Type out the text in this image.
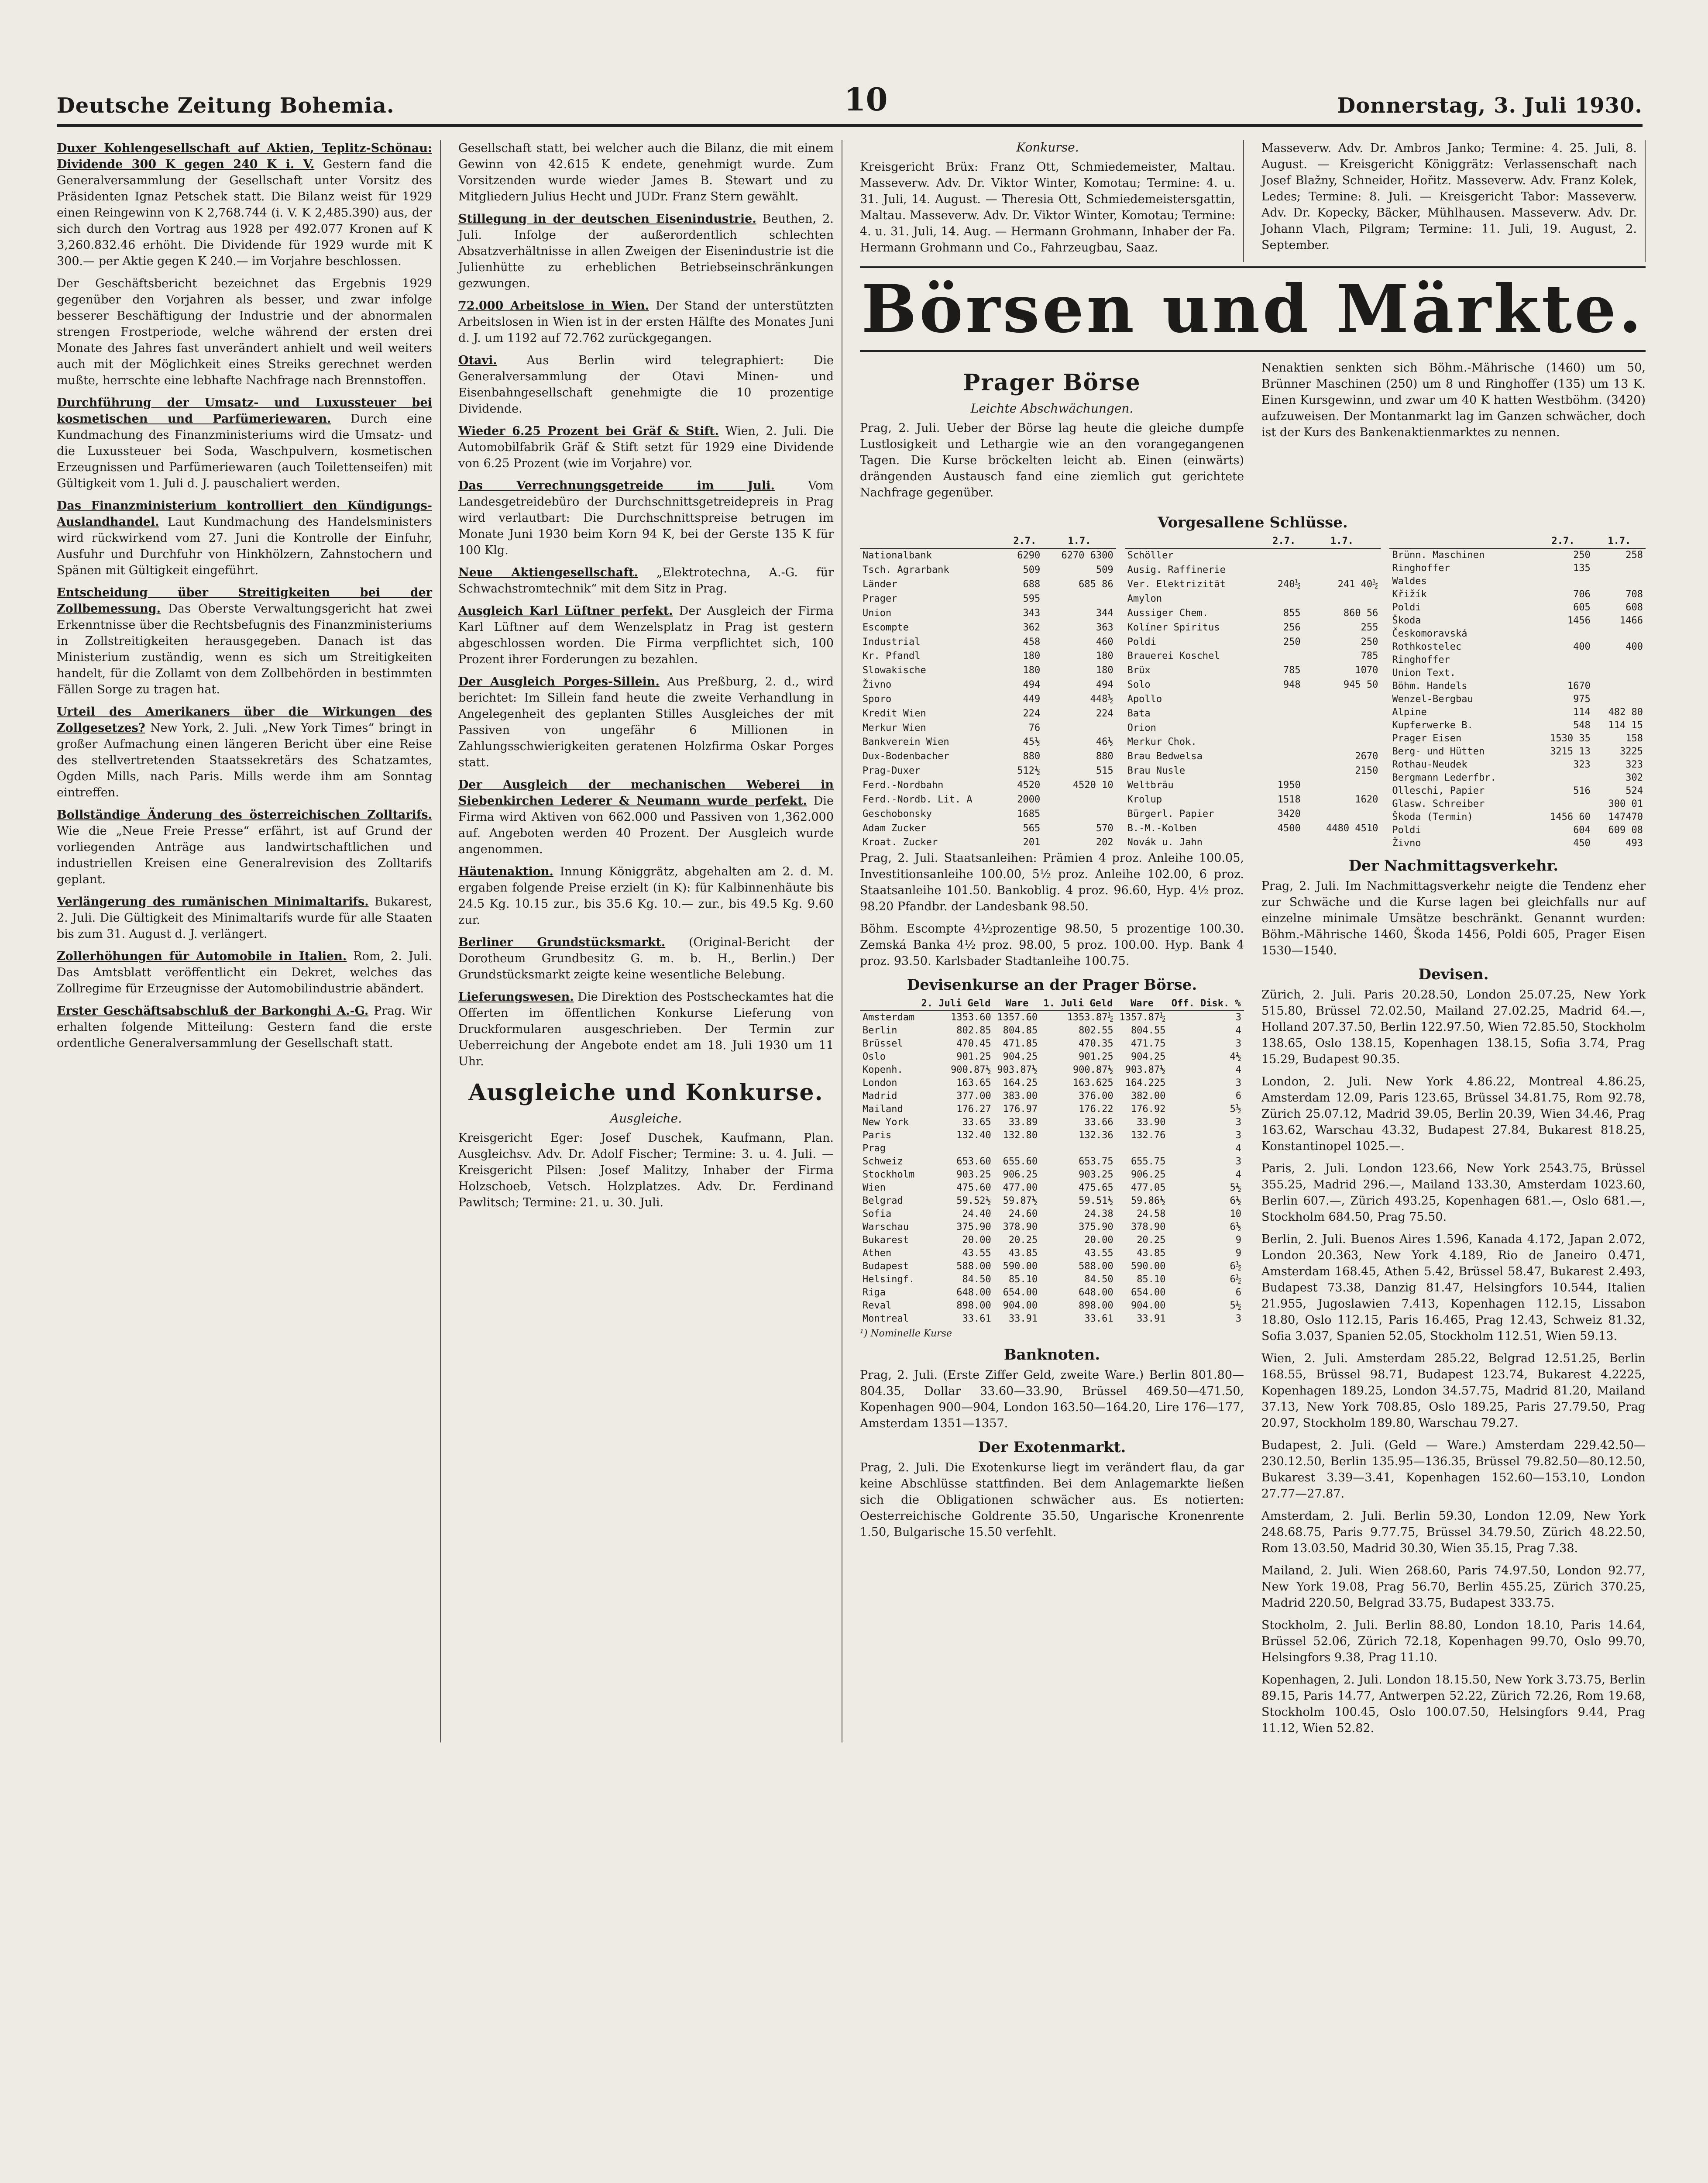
Deutsche Zeitung Bohemia.	10	Donnerstag, 3. Juli 1930.

Duxer Kohlengesellschaft auf Aktien, Teplitz-Schönau: Dividende 300 K gegen 240 K i. V. Gestern fand die Generalversammlung der Gesellschaft unter Vorsitz des Präsidenten Ignaz Petschek statt. Die Bilanz weist für 1929 einen Reingewinn von K 2,768.744 (i. V. K 2,485.390) aus, der sich durch den Vortrag aus 1928 per 492.077 Kronen auf K 3,260.832.46 erhöht. Die Dividende für 1929 wurde mit K 300.— per Aktie gegen K 240.— im Vorjahre beschlossen.

Der Geschäftsbericht bezeichnet das Ergebnis 1929 gegenüber den Vorjahren als besser, und zwar infolge besserer Beschäftigung der Industrie und der abnormalen strengen Frostperiode, welche während der ersten drei Monate des Jahres fast unverändert anhielt und weil weiters auch mit der Möglichkeit eines Streiks gerechnet werden mußte, herrschte eine lebhafte Nachfrage nach Brennstoffen.

Durchführung der Umsatz- und Luxussteuer bei kosmetischen und Parfümeriewaren. Durch eine Kundmachung des Finanzministeriums wird die Umsatz- und die Luxussteuer bei Soda, Waschpulvern, kosmetischen Erzeugnissen und Parfümeriewaren (auch Toilettenseifen) mit Gültigkeit vom 1. Juli d. J. pauschaliert werden.

Das Finanzministerium kontrolliert den Kündigungs-Auslandhandel. Laut Kundmachung des Handelsministers wird rückwirkend vom 27. Juni die Kontrolle der Einfuhr, Ausfuhr und Durchfuhr von Hinkhölzern, Zahnstochern und Spänen mit Gültigkeit eingeführt.

Entscheidung über Streitigkeiten bei der Zollbemessung. Das Oberste Verwaltungsgericht hat zwei Erkenntnisse über die Rechtsbefugnis des Finanzministeriums in Zollstreitigkeiten herausgegeben. Danach ist das Ministerium zuständig, wenn es sich um Streitigkeiten handelt, für die Zollamt von dem Zollbehörden in bestimmten Fällen Sorge zu tragen hat.

Urteil des Amerikaners über die Wirkungen des Zollgesetzes? New York, 2. Juli. „New York Times“ bringt in großer Aufmachung einen längeren Bericht über eine Reise des stellvertretenden Staatssekretärs des Schatzamtes, Ogden Mills, nach Paris. Mills werde ihm am Sonntag eintreffen.

Bollständige Änderung des österreichischen Zolltarifs. Wie die „Neue Freie Presse“ erfährt, ist auf Grund der vorliegenden Anträge aus landwirtschaftlichen und industriellen Kreisen eine Generalrevision des Zolltarifs geplant.

Verlängerung des rumänischen Minimaltarifs. Bukarest, 2. Juli. Die Gültigkeit des Minimaltarifs wurde für alle Staaten bis zum 31. August d. J. verlängert.

Zollerhöhungen für Automobile in Italien. Rom, 2. Juli. Das Amtsblatt veröffentlicht ein Dekret, welches das Zollregime für Erzeugnisse der Automobilindustrie abändert.

Erster Geschäftsabschluß der Barkonghi A.-G. Prag. Wir erhalten folgende Mitteilung: Gestern fand die erste ordentliche Generalversammlung der Gesellschaft statt.

Gesellschaft statt, bei welcher auch die Bilanz, die mit einem Gewinn von 42.615 K endete, genehmigt wurde. Zum Vorsitzenden wurde wieder James B. Stewart und zu Mitgliedern Julius Hecht und JUDr. Franz Stern gewählt.

Stillegung in der deutschen Eisenindustrie. Beuthen, 2. Juli. Infolge der außerordentlich schlechten Absatzverhältnisse in allen Zweigen der Eisenindustrie ist die Julienhütte zu erheblichen Betriebseinschränkungen gezwungen.

72.000 Arbeitslose in Wien. Der Stand der unterstützten Arbeitslosen in Wien ist in der ersten Hälfte des Monates Juni d. J. um 1192 auf 72.762 zurückgegangen.

Otavi.	Aus Berlin wird telegraphiert: Die Generalversammlung der Otavi Minen- und Eisenbahngesellschaft genehmigte die 10 prozentige Dividende.

Wieder 6.25 Prozent bei Gräf & Stift. Wien, 2. Juli. Die Automobilfabrik Gräf & Stift setzt für 1929 eine Dividende von 6.25 Prozent (wie im Vorjahre) vor.

Das Verrechnungsgetreide im Juli.	Vom Landesgetreidebüro der Durchschnittsgetreidepreis in Prag wird verlautbart: Die Durchschnittspreise betrugen im Monate Juni 1930 beim Korn 94 K, bei der Gerste 135 K für 100 Klg.

Neue Aktiengesellschaft. „Elektrotechna, A.-G. für Schwachstromtechnik“ mit dem Sitz in Prag.

Ausgleich Karl Lüftner perfekt. Der Ausgleich der Firma Karl Lüftner auf dem Wenzelsplatz in Prag ist gestern abgeschlossen worden. Die Firma verpflichtet sich, 100 Prozent ihrer Forderungen zu bezahlen.

Der Ausgleich Porges-Sillein. Aus Preßburg, 2. d., wird berichtet: Im Sillein fand heute die zweite Verhandlung in Angelegenheit des geplanten Stilles Ausgleiches der mit Passiven von ungefähr 6 Millionen in Zahlungsschwierigkeiten geratenen Holzfirma Oskar Porges statt.

Der Ausgleich der mechanischen Weberei in Siebenkirchen Lederer & Neumann wurde perfekt. Die Firma wird Aktiven von 662.000 und Passiven von 1,362.000 auf. Angeboten werden 40 Prozent. Der Ausgleich wurde angenommen.

Häutenaktion. Innung Königgrätz, abgehalten am 2. d. M. ergaben folgende Preise erzielt (in K): für Kalbinnenhäute bis 24.5 Kg. 10.15 zur., bis 35.6 Kg. 10.— zur., bis 49.5 Kg. 9.60 zur.

Berliner Grundstücksmarkt. (Original-Bericht der Dorotheum Grundbesitz G. m. b. H., Berlin.) Der Grundstücksmarkt zeigte keine wesentliche Belebung.

Lieferungswesen. Die Direktion des Postscheckamtes hat die Offerten im öffentlichen Konkurse Lieferung von Druckformularen ausgeschrieben. Der Termin zur Ueberreichung der Angebote endet am 18. Juli 1930 um 11 Uhr.

Ausgleiche und Konkurse.
Ausgleiche.

Kreisgericht Eger: Josef Duschek, Kaufmann, Plan. Ausgleichsv. Adv. Dr. Adolf Fischer; Termine: 3. u. 4. Juli. — Kreisgericht Pilsen: Josef Malitzy, Inhaber der Firma Holzschoeb, Vetsch. Holzplatzes. Adv. Dr. Ferdinand Pawlitsch; Termine: 21. u. 30. Juli.

Konkurse.

Kreisgericht Brüx: Franz Ott, Schmiedemeister, Maltau. Masseverw. Adv. Dr. Viktor Winter, Komotau; Termine: 4. u. 31. Juli, 14. August. — Theresia Ott, Schmiedemeistersgattin, Maltau. Masseverw. Adv. Dr. Viktor Winter, Komotau; Termine: 4. u. 31. Juli, 14. Aug. — Hermann Grohmann, Inhaber der Fa. Hermann Grohmann und Co., Fahrzeugbau, Saaz.

Masseverw. Adv. Dr. Ambros Janko; Termine: 4. 25. Juli, 8. August. — Kreisgericht Königgrätz: Verlassenschaft nach Josef Blažny, Schneider, Hořitz. Masseverw. Adv. Franz Kolek, Ledes; Termine: 8. Juli. — Kreisgericht Tabor: Masseverw. Adv. Dr. Kopecky, Bäcker, Mühlhausen. Masseverw. Adv. Dr. Johann Vlach, Pilgram; Termine: 11. Juli, 19. August, 2. September.

Börsen und Märkte.
Prager Börse
Leichte Abschwächungen.

Prag, 2. Juli. Ueber der Börse lag heute die gleiche dumpfe Lustlosigkeit und Lethargie wie an den vorangegangenen Tagen. Die Kurse bröckelten leicht ab. Einen (einwärts) drängenden Austausch fand eine ziemlich gut gerichtete Nachfrage gegenüber.

Nenaktien senkten sich Böhm.-Mährische (1460) um 50, Brünner Maschinen (250) um 8 und Ringhoffer (135) um 13 K. Einen Kursgewinn, und zwar um 40 K hatten Westböhm. (3420) aufzuweisen. Der Montanmarkt lag im Ganzen schwächer, doch ist der Kurs des Bankenaktienmarktes zu nennen.

Vorgesallene Schlüsse.
	2.7.	1.7.
Nationalbank	6290	6270 6300
Tsch. Agrarbank	509	509
Länder	688	685 86
Prager	595	
Union	343	344
Escompte	362	363
Industrial	458	460
Kr. Pfandl	180	180
Slowakische	180	180
Živno	494	494
Sporo	449	448½
Kredit Wien	224	224
Merkur Wien	76	
Bankverein Wien	45½	46½
Dux-Bodenbacher	880	880
Prag-Duxer	512½	515
Ferd.-Nordbahn	4520	4520 10
Ferd.-Nordb. Lit. A	2000	
Geschobonsky	1685	
Adam Zucker	565	570
Kroat. Zucker	201	202
	2.7.	1.7.
Schöller		
Ausig. Raffinerie		
Ver. Elektrizität	240½	241 40½
Amylon		
Aussiger Chem.	855	860 56
Kolíner Spiritus	256	255
Poldi	250	250
Brauerei Koschel		785
Brüx	785	1070
Solo	948	945 50
Apollo		
Bata		
Orion		
Merkur Chok.		
Brau Bedwelsa		2670
Brau Nusle		2150
Weltbräu	1950	
Krolup	1518	1620
Bürgerl. Papier	3420	
B.-M.-Kolben	4500	4480 4510
Novák u. Jahn		
	2.7.	1.7.
Brünn. Maschinen	250	258
Ringhoffer	135	
Waldes		
Křižík	706	708
Poldi	605	608
Škoda	1456	1466
Českomoravská		
Rothkostelec	400	400
Ringhoffer		
Union Text.		
Böhm. Handels	1670	
Wenzel-Bergbau	975	
Alpine	114	482 80
Kupferwerke B.	548	114 15
Prager Eisen	1530 35	158
Berg- und Hütten	3215 13	3225
Rothau-Neudek	323	323
Bergmann Lederfbr.		302
Olleschi, Papier	516	524
Glasw. Schreiber		300 01
Škoda (Termin)	1456 60	147470
Poldi	604	609 08
Živno	450	493

Prag, 2. Juli. Staatsanleihen: Prämien 4 proz. Anleihe 100.05, Investitionsanleihe 100.00, 5½ proz. Anleihe 102.00, 6 proz. Staatsanleihe 101.50. Bankoblig. 4 proz. 96.60, Hyp. 4½ proz. 98.20 Pfandbr. der Landesbank 98.50.

Böhm. Escompte 4½prozentige 98.50, 5 prozentige 100.30. Zemská Banka 4½ proz. 98.00, 5 proz. 100.00. Hyp. Bank 4 proz. 93.50. Karlsbader Stadtanleihe 100.75.

Devisenkurse an der Prager Börse.
	2. Juli Geld	Ware	1. Juli Geld	Ware	Off. Disk. %
Amsterdam	1353.60	1357.60	1353.87½	1357.87½	3
Berlin	802.85	804.85	802.55	804.55	4
Brüssel	470.45	471.85	470.35	471.75	3
Oslo	901.25	904.25	901.25	904.25	4½
Kopenh.	900.87½	903.87½	900.87½	903.87½	4
London	163.65	164.25	163.625	164.225	3
Madrid	377.00	383.00	376.00	382.00	6
Mailand	176.27	176.97	176.22	176.92	5½
New York	33.65	33.89	33.66	33.90	3
Paris	132.40	132.80	132.36	132.76	3
Prag					4
Schweiz	653.60	655.60	653.75	655.75	3
Stockholm	903.25	906.25	903.25	906.25	4
Wien	475.60	477.00	475.65	477.05	5½
Belgrad	59.52½	59.87½	59.51½	59.86½	6½
Sofia	24.40	24.60	24.38	24.58	10
Warschau	375.90	378.90	375.90	378.90	6½
Bukarest	20.00	20.25	20.00	20.25	9
Athen	43.55	43.85	43.55	43.85	9
Budapest	588.00	590.00	588.00	590.00	6½
Helsingf.	84.50	85.10	84.50	85.10	6½
Riga	648.00	654.00	648.00	654.00	6
Reval	898.00	904.00	898.00	904.00	5½
Montreal	33.61	33.91	33.61	33.91	3
¹) Nominelle Kurse
Banknoten.

Prag, 2. Juli. (Erste Ziffer Geld, zweite Ware.) Berlin 801.80—804.35, Dollar 33.60—33.90, Brüssel 469.50—471.50, Kopenhagen 900—904, London 163.50—164.20, Lire 176—177, Amsterdam 1351—1357.

Der Exotenmarkt.

Prag, 2. Juli. Die Exotenkurse liegt im verändert flau, da gar keine Abschlüsse stattfinden. Bei dem Anlagemarkte ließen sich die Obligationen schwächer aus. Es notierten: Oesterreichische Goldrente 35.50, Ungarische Kronenrente 1.50, Bulgarische 15.50 verfehlt.

Der Nachmittagsverkehr.

Prag, 2. Juli. Im Nachmittagsverkehr neigte die Tendenz eher zur Schwäche und die Kurse lagen bei gleichfalls nur auf einzelne minimale Umsätze beschränkt. Genannt wurden: Böhm.-Mährische 1460, Škoda 1456, Poldi 605, Prager Eisen 1530—1540.

Devisen.

Zürich, 2. Juli. Paris 20.28.50, London 25.07.25, New York 515.80, Brüssel 72.02.50, Mailand 27.02.25, Madrid 64.—, Holland 207.37.50, Berlin 122.97.50, Wien 72.85.50, Stockholm 138.65, Oslo 138.15, Kopenhagen 138.15, Sofia 3.74, Prag 15.29, Budapest 90.35.

London, 2. Juli. New York 4.86.22, Montreal 4.86.25, Amsterdam 12.09, Paris 123.65, Brüssel 34.81.75, Rom 92.78, Zürich 25.07.12, Madrid 39.05, Berlin 20.39, Wien 34.46, Prag 163.62, Warschau 43.32, Budapest 27.84, Bukarest 818.25, Konstantinopel 1025.—.

Paris, 2. Juli. London 123.66, New York 2543.75, Brüssel 355.25, Madrid 296.—, Mailand 133.30, Amsterdam 1023.60, Berlin 607.—, Zürich 493.25, Kopenhagen 681.—, Oslo 681.—, Stockholm 684.50, Prag 75.50.

Berlin, 2. Juli. Buenos Aires 1.596, Kanada 4.172, Japan 2.072, London 20.363, New York 4.189, Rio de Janeiro 0.471, Amsterdam 168.45, Athen 5.42, Brüssel 58.47, Bukarest 2.493, Budapest 73.38, Danzig 81.47, Helsingfors 10.544, Italien 21.955, Jugoslawien 7.413, Kopenhagen 112.15, Lissabon 18.80, Oslo 112.15, Paris 16.465, Prag 12.43, Schweiz 81.32, Sofia 3.037, Spanien 52.05, Stockholm 112.51, Wien 59.13.

Wien, 2. Juli. Amsterdam 285.22, Belgrad 12.51.25, Berlin 168.55, Brüssel 98.71, Budapest 123.74, Bukarest 4.2225, Kopenhagen 189.25, London 34.57.75, Madrid 81.20, Mailand 37.13, New York 708.85, Oslo 189.25, Paris 27.79.50, Prag 20.97, Stockholm 189.80, Warschau 79.27.

Budapest, 2. Juli. (Geld — Ware.) Amsterdam 229.42.50—230.12.50, Berlin 135.95—136.35, Brüssel 79.82.50—80.12.50, Bukarest 3.39—3.41, Kopenhagen 152.60—153.10, London 27.77—27.87.

Amsterdam, 2. Juli. Berlin 59.30, London 12.09, New York 248.68.75, Paris 9.77.75, Brüssel 34.79.50, Zürich 48.22.50, Rom 13.03.50, Madrid 30.30, Wien 35.15, Prag 7.38.

Mailand, 2. Juli. Wien 268.60, Paris 74.97.50, London 92.77, New York 19.08, Prag 56.70, Berlin 455.25, Zürich 370.25, Madrid 220.50, Belgrad 33.75, Budapest 333.75.

Stockholm, 2. Juli. Berlin 88.80, London 18.10, Paris 14.64, Brüssel 52.06, Zürich 72.18, Kopenhagen 99.70, Oslo 99.70, Helsingfors 9.38, Prag 11.10.

Kopenhagen, 2. Juli. London 18.15.50, New York 3.73.75, Berlin 89.15, Paris 14.77, Antwerpen 52.22, Zürich 72.26, Rom 19.68, Stockholm 100.45, Oslo 100.07.50, Helsingfors 9.44, Prag 11.12, Wien 52.82.
